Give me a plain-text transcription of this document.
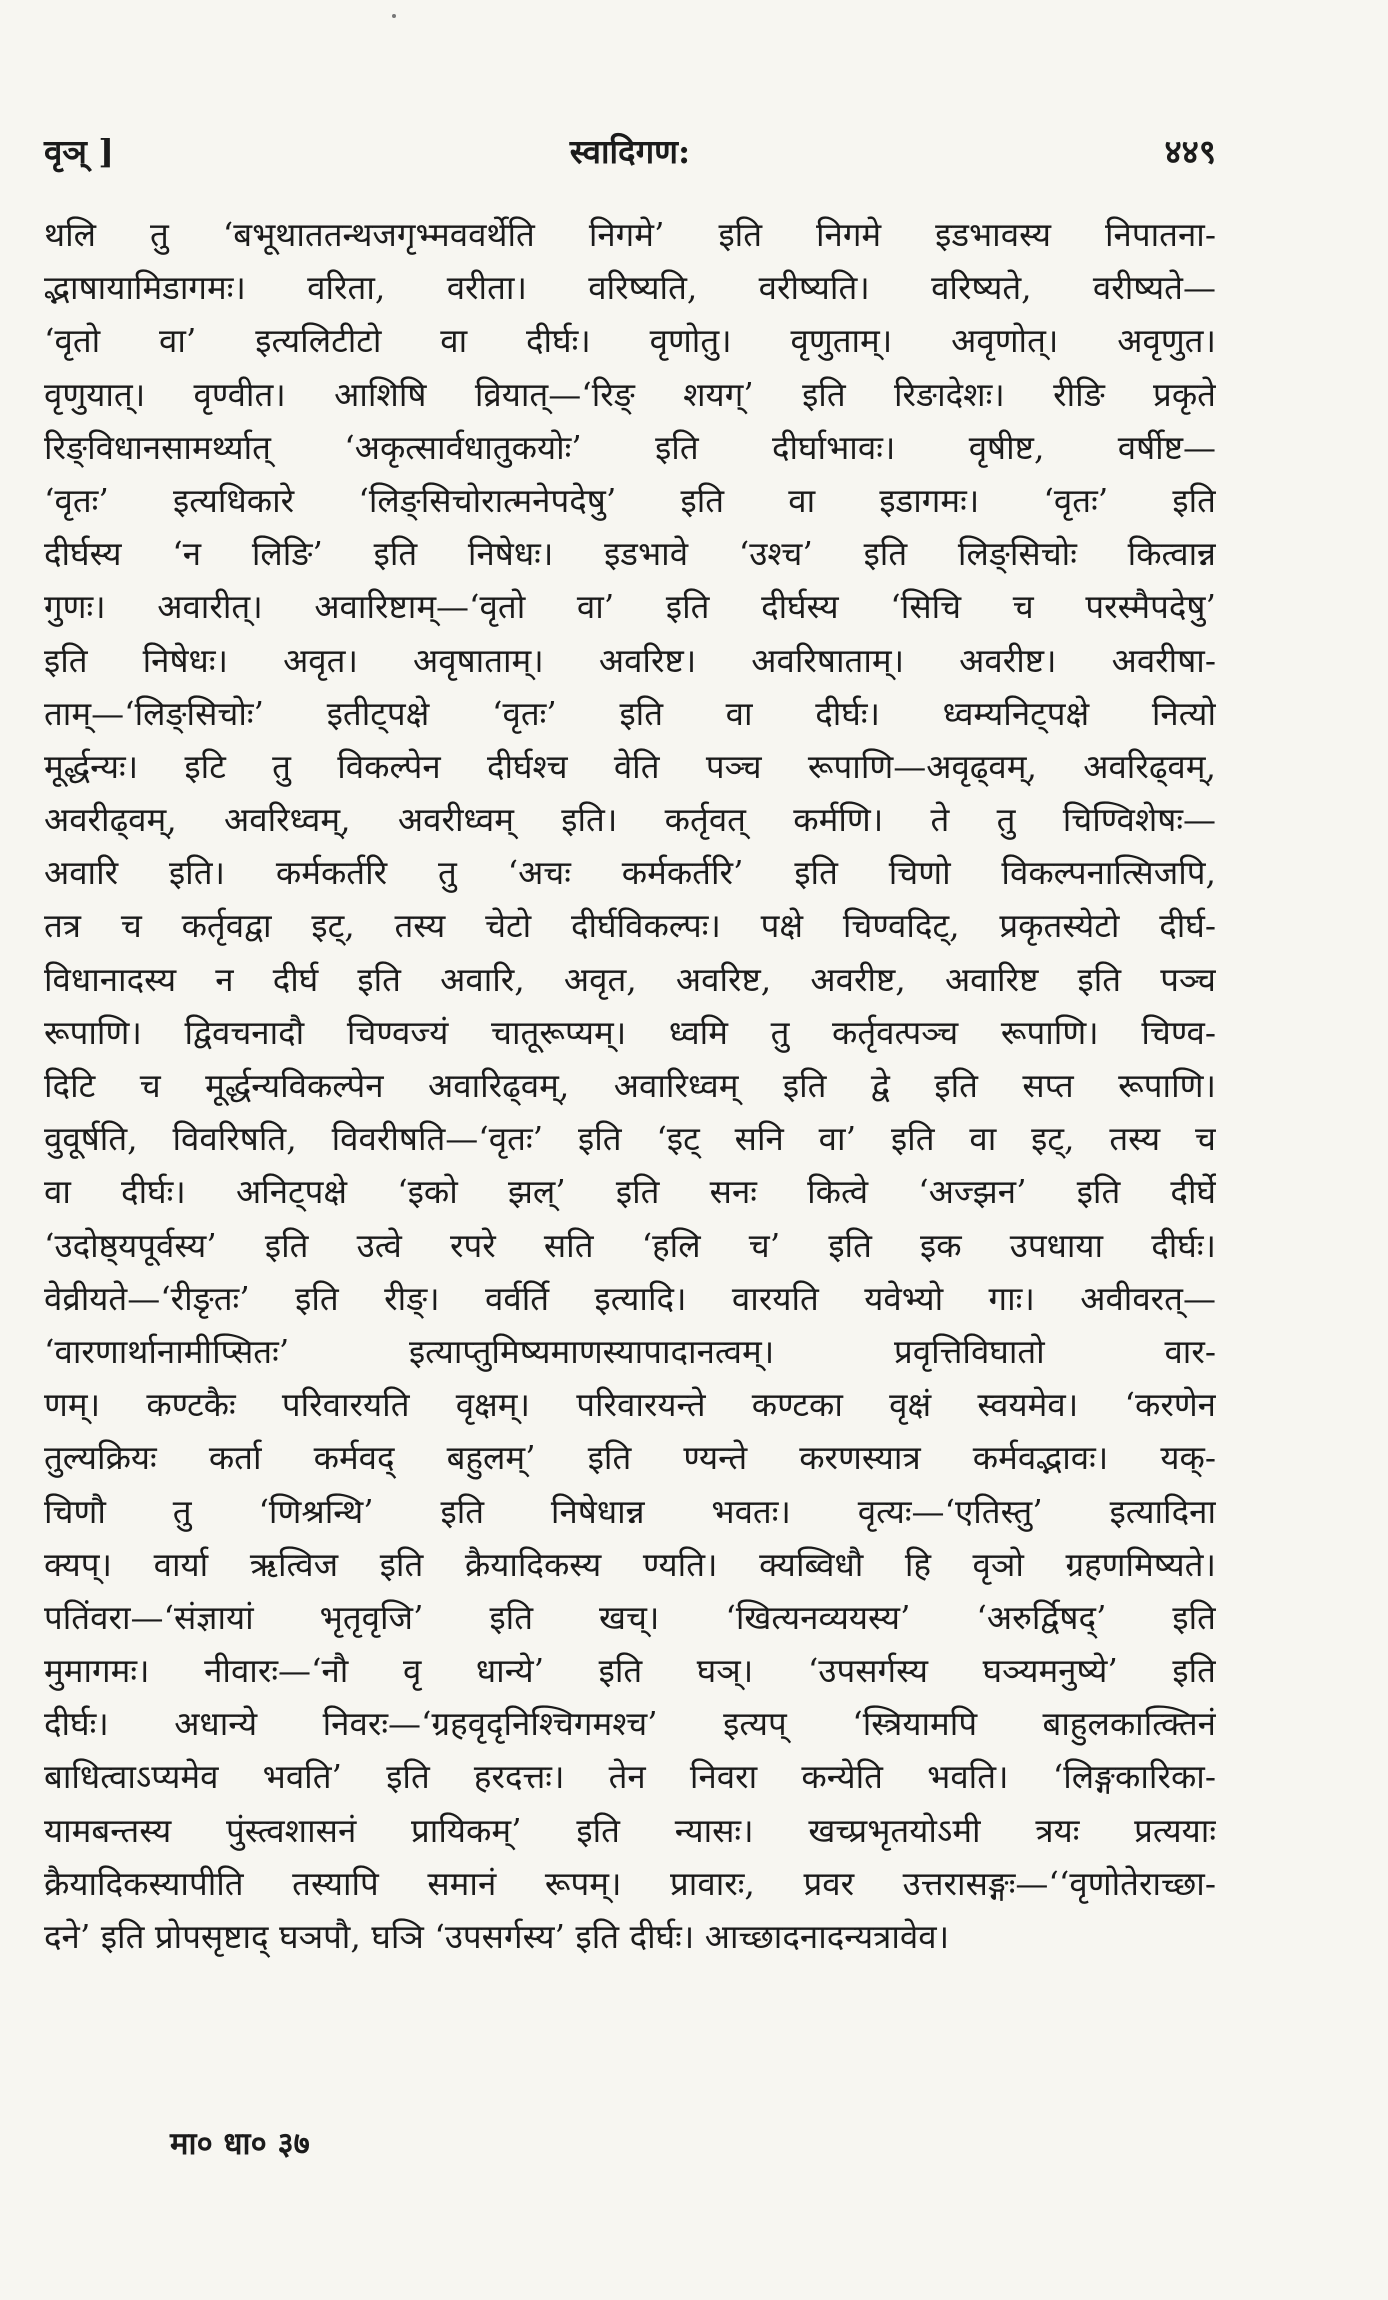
वृञ् ]	स्वादिगण:	४४९
थलि तु ‘बभूथाततन्थजगृभ्मववर्थेति निगमे’ इति निगमे इडभावस्य निपातना-
द्भाषायामिडागमः। वरिता, वरीता। वरिष्यति, वरीष्यति। वरिष्यते, वरीष्यते—
‘वृतो वा’ इत्यलिटीटो वा दीर्घः। वृणोतु। वृणुताम्। अवृणोत्। अवृणुत।
वृणुयात्। वृण्वीत। आशिषि व्रियात्—‘रिङ् शयग्’ इति रिङादेशः। रीङि प्रकृते
रिङ्विधानसामर्थ्यात् ‘अकृत्सार्वधातुकयोः’ इति दीर्घाभावः। वृषीष्ट, वर्षीष्ट—
‘वृतः’ इत्यधिकारे ‘लिङ्सिचोरात्मनेपदेषु’ इति वा इडागमः। ‘वृतः’ इति
दीर्घस्य ‘न लिङि’ इति निषेधः। इडभावे ‘उश्च’ इति लिङ्सिचोः कित्वान्न
गुणः। अवारीत्। अवारिष्टाम्—‘वृतो वा’ इति दीर्घस्य ‘सिचि च परस्मैपदेषु’
इति निषेधः। अवृत। अवृषाताम्। अवरिष्ट। अवरिषाताम्। अवरीष्ट। अवरीषा-
ताम्—‘लिङ्सिचोः’ इतीट्पक्षे ‘वृतः’ इति वा दीर्घः। ध्वम्यनिट्पक्षे नित्यो
मूर्द्धन्यः। इटि तु विकल्पेन दीर्घश्च वेति पञ्च रूपाणि—अवृढ्वम्, अवरिढ्वम्,
अवरीढ्वम्, अवरिध्वम्, अवरीध्वम् इति। कर्तृवत् कर्मणि। ते तु चिण्विशेषः—
अवारि इति। कर्मकर्तरि तु ‘अचः कर्मकर्तरि’ इति चिणो विकल्पनात्सिजपि,
तत्र च कर्तृवद्वा इट्, तस्य चेटो दीर्घविकल्पः। पक्षे चिण्वदिट्, प्रकृतस्येटो दीर्घ-
विधानादस्य न दीर्घ इति अवारि, अवृत, अवरिष्ट, अवरीष्ट, अवारिष्ट इति पञ्च
रूपाणि। द्विवचनादौ चिण्वज्यं चातूरूप्यम्। ध्वमि तु कर्तृवत्पञ्च रूपाणि। चिण्व-
दिटि च मूर्द्धन्यविकल्पेन अवारिढ्वम्, अवारिध्वम् इति द्वे इति सप्त रूपाणि।
वुवूर्षति, विवरिषति, विवरीषति—‘वृतः’ इति ‘इट् सनि वा’ इति वा इट्, तस्य च
वा दीर्घः। अनिट्पक्षे ‘इको झल्’ इति सनः कित्वे ‘अज्झन’ इति दीर्घे
‘उदोष्ठ्यपूर्वस्य’ इति उत्वे रपरे सति ‘हलि च’ इति इक उपधाया दीर्घः।
वेव्रीयते—‘रीङृतः’ इति रीङ्। वर्वर्ति इत्यादि। वारयति यवेभ्यो गाः। अवीवरत्—
‘वारणार्थानामीप्सितः’ इत्याप्तुमिष्यमाणस्यापादानत्वम्। प्रवृत्तिविघातो वार-
णम्। कण्टकैः परिवारयति वृक्षम्। परिवारयन्ते कण्टका वृक्षं स्वयमेव। ‘करणेन
तुल्यक्रियः कर्ता कर्मवद् बहुलम्’ इति ण्यन्ते करणस्यात्र कर्मवद्भावः। यक्-
चिणौ तु ‘णिश्रन्थि’ इति निषेधान्न भवतः। वृत्यः—‘एतिस्तु’ इत्यादिना
क्यप्। वार्या ऋत्विज इति क्रैयादिकस्य ण्यति। क्यब्विधौ हि वृञो ग्रहणमिष्यते।
पतिंवरा—‘संज्ञायां भृतृवृजि’ इति खच्। ‘खित्यनव्ययस्य’ ‘अरुर्द्विषद्’ इति
मुमागमः। नीवारः—‘नौ वृ धान्ये’ इति घञ्। ‘उपसर्गस्य घञ्यमनुष्ये’ इति
दीर्घः। अधान्ये निवरः—‘ग्रहवृदृनिश्चिगमश्च’ इत्यप् ‘स्त्रियामपि बाहुलकात्क्तिनं
बाधित्वाऽप्यमेव भवति’ इति हरदत्तः। तेन निवरा कन्येति भवति। ‘लिङ्गकारिका-
यामबन्तस्य पुंस्त्वशासनं प्रायिकम्’ इति न्यासः। खच्प्रभृतयोऽमी त्रयः प्रत्ययाः
क्रैयादिकस्यापीति तस्यापि समानं रूपम्। प्रावारः, प्रवर उत्तरासङ्गः—‘‘वृणोतेराच्छा-
दने’ इति प्रोपसृष्टाद् घञपौ, घञि ‘उपसर्गस्य’ इति दीर्घः। आच्छादनादन्यत्रावेव।
मा० धा० ३७
